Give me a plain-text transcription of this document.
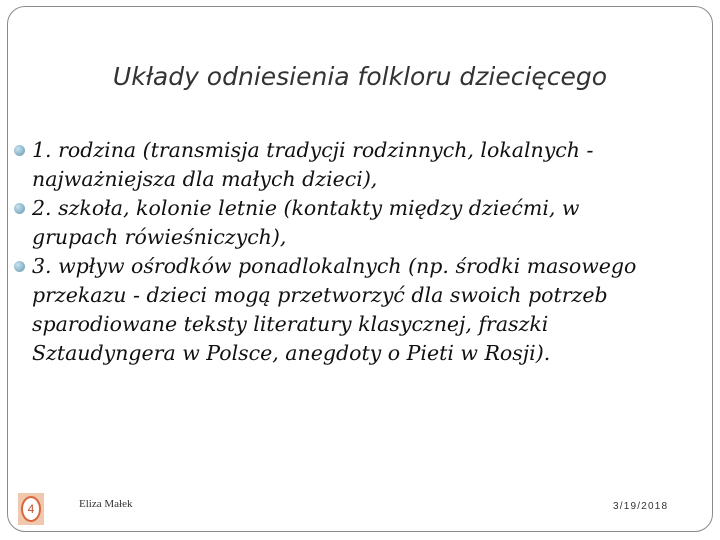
Układy odniesienia folkloru dziecięcego
1. rodzina (transmisja tradycji rodzinnych, lokalnych -
najważniejsza dla małych dzieci),
2. szkoła, kolonie letnie (kontakty między dziećmi, w
grupach rówieśniczych),
3. wpływ ośrodków ponadlokalnych (np. środki masowego
przekazu - dzieci mogą przetworzyć dla swoich potrzeb
sparodiowane teksty literatury klasycznej, fraszki
Sztaudyngera w Polsce, anegdoty o Pieti w Rosji).
4	Eliza Małek	3/19/2018
